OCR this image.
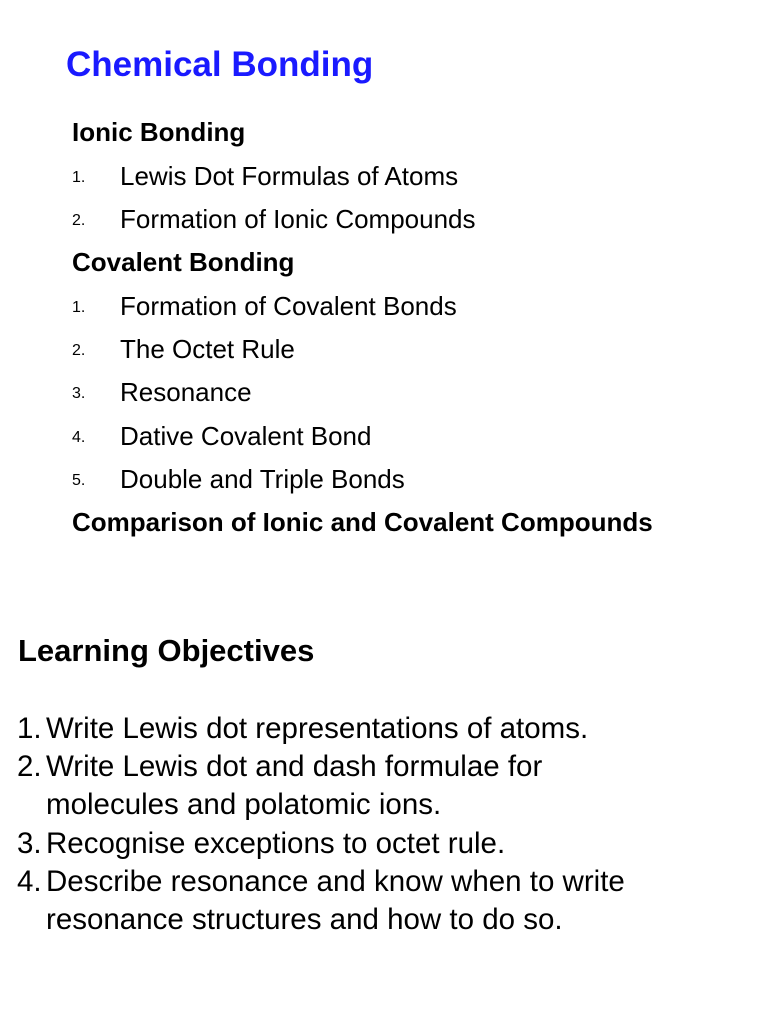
Chemical Bonding
Ionic Bonding
1. Lewis Dot Formulas of Atoms
2. Formation of Ionic Compounds
Covalent Bonding
1. Formation of Covalent Bonds
2. The Octet Rule
3. Resonance
4. Dative Covalent Bond
5. Double and Triple Bonds
Comparison of Ionic and Covalent Compounds
Learning Objectives
1. Write Lewis dot representations of atoms.
2. Write Lewis dot and dash formulae for
molecules and polatomic ions.
3. Recognise exceptions to octet rule.
4. Describe resonance and know when to write
resonance structures and how to do so.
